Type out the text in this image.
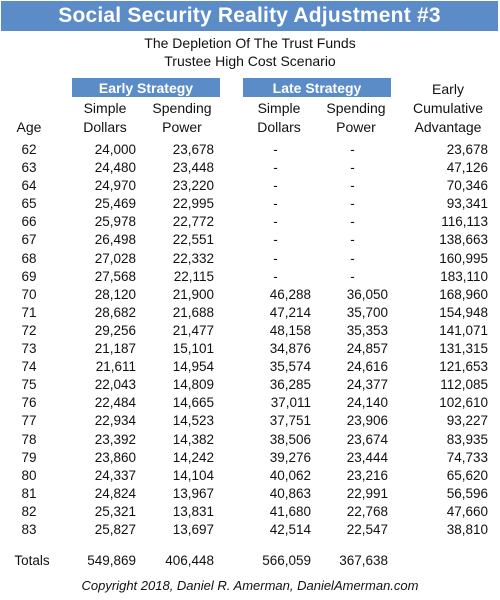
Social Security Reality Adjustment #3
The Depletion Of The Trust Funds
Trustee High Cost Scenario
Early Strategy	Late Strategy
Age
Simple
Dollars
Spending
Power
Simple
Dollars
Spending
Power
Early
Cumulative
Advantage
62	24,000	23,678	-	-	23,678
63	24,480	23,448	-	-	47,126
64	24,970	23,220	-	-	70,346
65	25,469	22,995	-	-	93,341
66	25,978	22,772	-	-	116,113
67	26,498	22,551	-	-	138,663
68	27,028	22,332	-	-	160,995
69	27,568	22,115	-	-	183,110
70	28,120	21,900	46,288	36,050	168,960
71	28,682	21,688	47,214	35,700	154,948
72	29,256	21,477	48,158	35,353	141,071
73	21,187	15,101	34,876	24,857	131,315
74	21,611	14,954	35,574	24,616	121,653
75	22,043	14,809	36,285	24,377	112,085
76	22,484	14,665	37,011	24,140	102,610
77	22,934	14,523	37,751	23,906	93,227
78	23,392	14,382	38,506	23,674	83,935
79	23,860	14,242	39,276	23,444	74,733
80	24,337	14,104	40,062	23,216	65,620
81	24,824	13,967	40,863	22,991	56,596
82	25,321	13,831	41,680	22,768	47,660
83	25,827	13,697	42,514	22,547	38,810
Totals	549,869	406,448	566,059	367,638
Copyright 2018, Daniel R. Amerman, DanielAmerman.com
